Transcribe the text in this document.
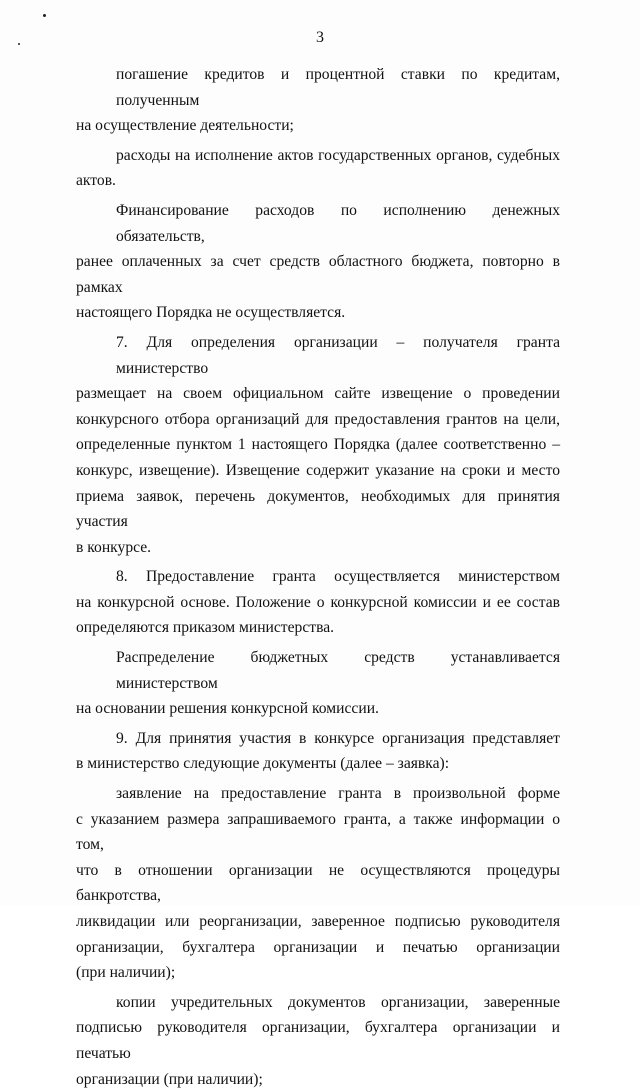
3

погашение кредитов и процентной ставки по кредитам, полученным
на осуществление деятельности;

расходы на исполнение актов государственных органов, судебных
актов.

Финансирование расходов по исполнению денежных обязательств,
ранее оплаченных за счет средств областного бюджета, повторно в рамках
настоящего Порядка не осуществляется.

7. Для определения организации – получателя гранта министерство
размещает на своем официальном сайте извещение о проведении
конкурсного отбора организаций для предоставления грантов на цели,
определенные пунктом 1 настоящего Порядка (далее соответственно –
конкурс, извещение). Извещение содержит указание на сроки и место
приема заявок, перечень документов, необходимых для принятия участия
в конкурсе.

8. Предоставление гранта осуществляется министерством
на конкурсной основе. Положение о конкурсной комиссии и ее состав
определяются приказом министерства.

Распределение бюджетных средств устанавливается министерством
на основании решения конкурсной комиссии.

9. Для принятия участия в конкурсе организация представляет
в министерство следующие документы (далее – заявка):

заявление на предоставление гранта в произвольной форме
с указанием размера запрашиваемого гранта, а также информации о том,
что в отношении организации не осуществляются процедуры банкротства,
ликвидации или реорганизации, заверенное подписью руководителя
организации, бухгалтера организации и печатью организации
(при наличии);

копии учредительных документов организации, заверенные
подписью руководителя организации, бухгалтера организации и печатью
организации (при наличии);
